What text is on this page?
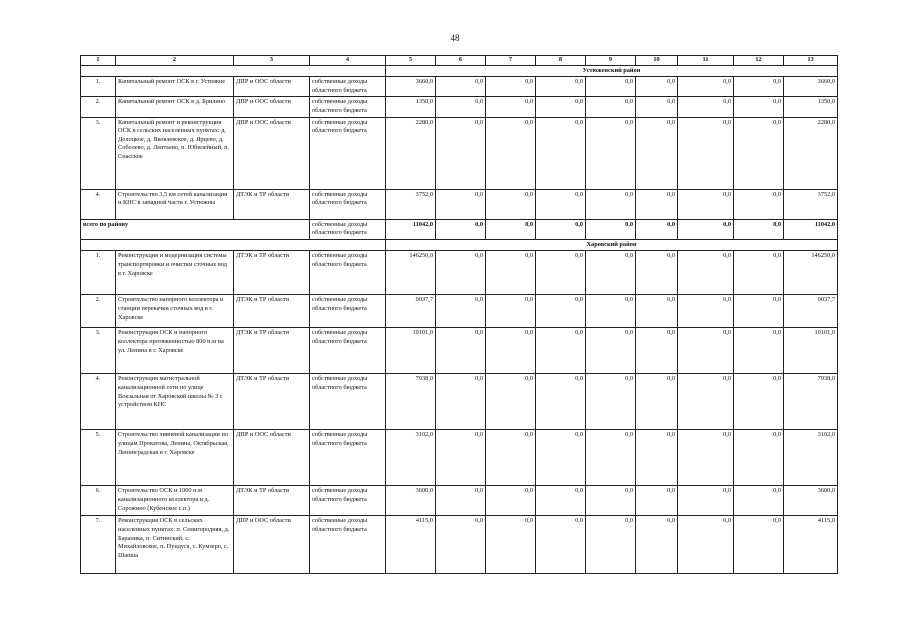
48
1	2	3	4	5	6	7	8	9	10	11	12	13
				Устюженский район								
1.	Капитальный ремонт ОСК в г. Устюжне	ДПР и ООС области	собственные доходы областного бюджета	3660,0	0,0	0,0	0,0	0,0	0,0	0,0	0,0	3660,0
2.	Капитальный ремонт ОСК в д. Брилино	ДПР и ООС области	собственные доходы областного бюджета	1350,0	0,0	0,0	0,0	0,0	0,0	0,0	0,0	1350,0
3.	Капитальный ремонт и реконструкция ОСК в сельских населенных пунктах: д. Долоцкое, д. Яковлевское, д. Ярцево, д. Соболево, д. Лентьево, п. Юбилейный, п. Спасское	ДПР и ООС области	собственные доходы областного бюджета	2280,0	0,0	0,0	0,0	0,0	0,0	0,0	0,0	2280,0
4.	Строительство 3,5 км сетей канализации и КНС в западной части г. Устюжны	ДТЭК и ТР области	собственные доходы областного бюджета	3752,0	0,0	0,0	0,0	0,0	0,0	0,0	0,0	3752,0
всего по району			собственные доходы областного бюджета	11042,0	0,0	0,0	0,0	0,0	0,0	0,0	0,0	11042,0
				Харовский район								
1.	Реконструкция и модернизация системы транспортировки и очистки сточных вод в г. Харовске	ДТЭК и ТР области	собственные доходы областного бюджета	146250,0	0,0	0,0	0,0	0,0	0,0	0,0	0,0	146250,0
2.	Строительство напорного коллектора и станции перекачки сточных вод в г. Харовске	ДТЭК и ТР области	собственные доходы областного бюджета	9037,7	0,0	0,0	0,0	0,0	0,0	0,0	0,0	9037,7
3.	Реконструкция ОСК и напорного коллектора протяженностью 800 п.м на ул. Ленина в г. Харовске	ДТЭК и ТР области	собственные доходы областного бюджета	10101,0	0,0	0,0	0,0	0,0	0,0	0,0	0,0	10101,0
4.	Реконструкция магистральной канализационной сети по улице Вокзальная от Харовской школы № 3 с устройством КНС	ДТЭК и ТР области	собственные доходы областного бюджета	7938,0	0,0	0,0	0,0	0,0	0,0	0,0	0,0	7938,0
5.	Строительство ливневой канализации по улицам Прокатова, Ленина, Октябрьская, Ленинградская в г. Харовске	ДПР и ООС области	собственные доходы областного бюджета	3102,0	0,0	0,0	0,0	0,0	0,0	0,0	0,0	3102,0
6.	Строительство ОСК и 1000 п.м канализационного коллектора в д. Сорожино (Кубенское с.п.)	ДТЭК и ТР области	собственные доходы областного бюджета	3600,0	0,0	0,0	0,0	0,0	0,0	0,0	0,0	3600,0
7.	Реконструкция ОСК в сельских населенных пунктах: п. Семигородняя, д. Бараника, п. Ситинский, с. Михайловское, п. Пундуга, с. Кумзеро, с. Шапша	ДПР и ООС области	собственные доходы областного бюджета	4115,0	0,0	0,0	0,0	0,0	0,0	0,0	0,0	4115,0
